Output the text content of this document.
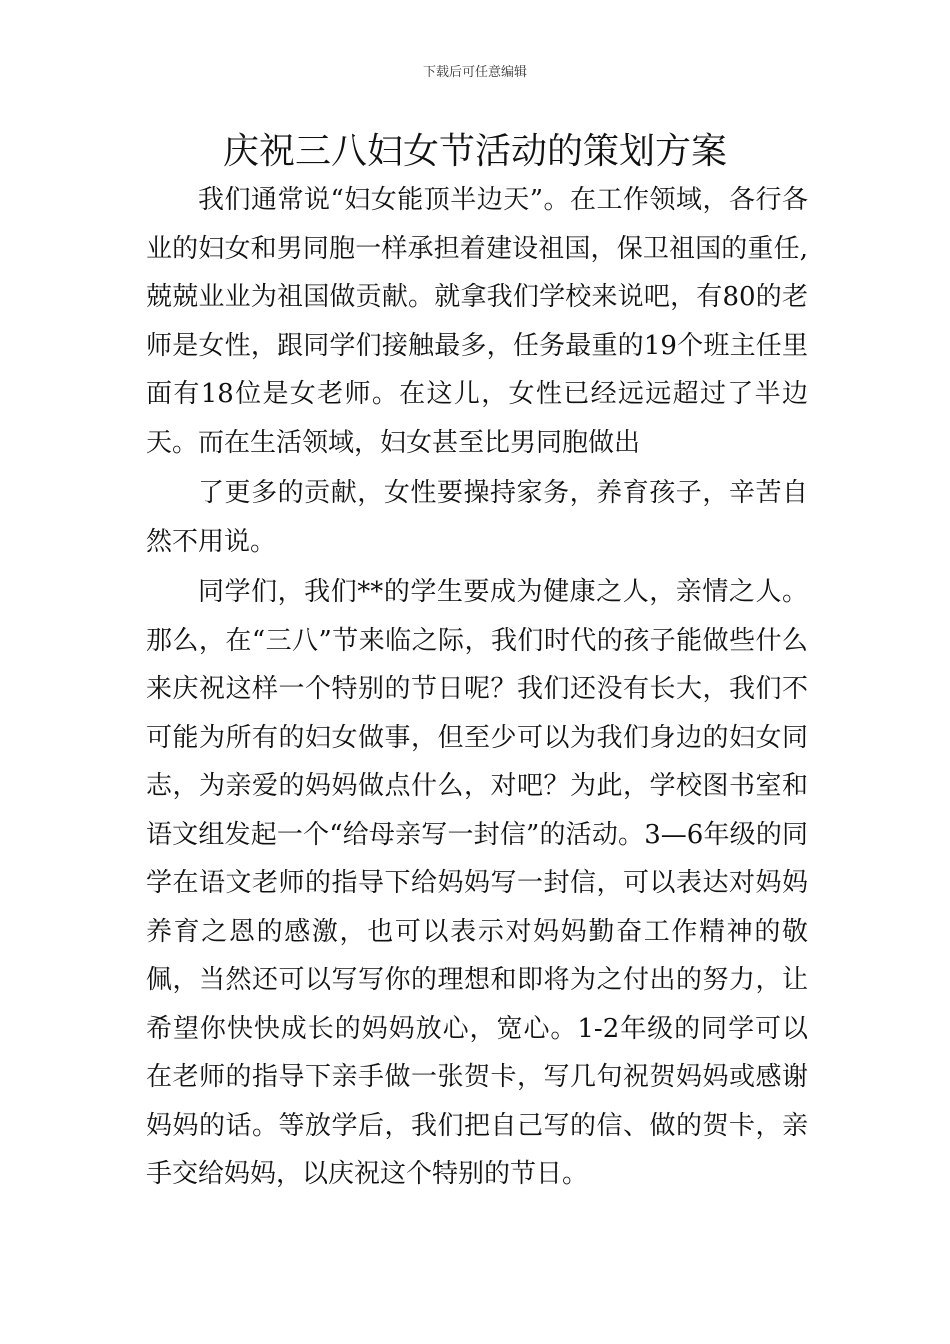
下载后可任意编辑
庆祝三八妇女节活动的策划方案

我们通常说“妇女能顶半边天”。在工作领域，各行各业的妇女和男同胞一样承担着建设祖国，保卫祖国的重任,兢兢业业为祖国做贡献。就拿我们学校来说吧，有80的老师是女性，跟同学们接触最多，任务最重的19个班主任里面有18位是女老师。在这儿，女性已经远远超过了半边天。而在生活领域，妇女甚至比男同胞做出

了更多的贡献，女性要操持家务，养育孩子，辛苦自然不用说。

同学们，我们**的学生要成为健康之人，亲情之人。那么，在“三八”节来临之际，我们时代的孩子能做些什么来庆祝这样一个特别的节日呢？我们还没有长大，我们不可能为所有的妇女做事，但至少可以为我们身边的妇女同志，为亲爱的妈妈做点什么，对吧？为此，学校图书室和语文组发起一个“给母亲写一封信”的活动。3—6年级的同学在语文老师的指导下给妈妈写一封信，可以表达对妈妈养育之恩的感激，也可以表示对妈妈勤奋工作精神的敬佩，当然还可以写写你的理想和即将为之付出的努力，让希望你快快成长的妈妈放心，宽心。1-2年级的同学可以在老师的指导下亲手做一张贺卡，写几句祝贺妈妈或感谢妈妈的话。等放学后，我们把自己写的信、做的贺卡，亲手交给妈妈，以庆祝这个特别的节日。
